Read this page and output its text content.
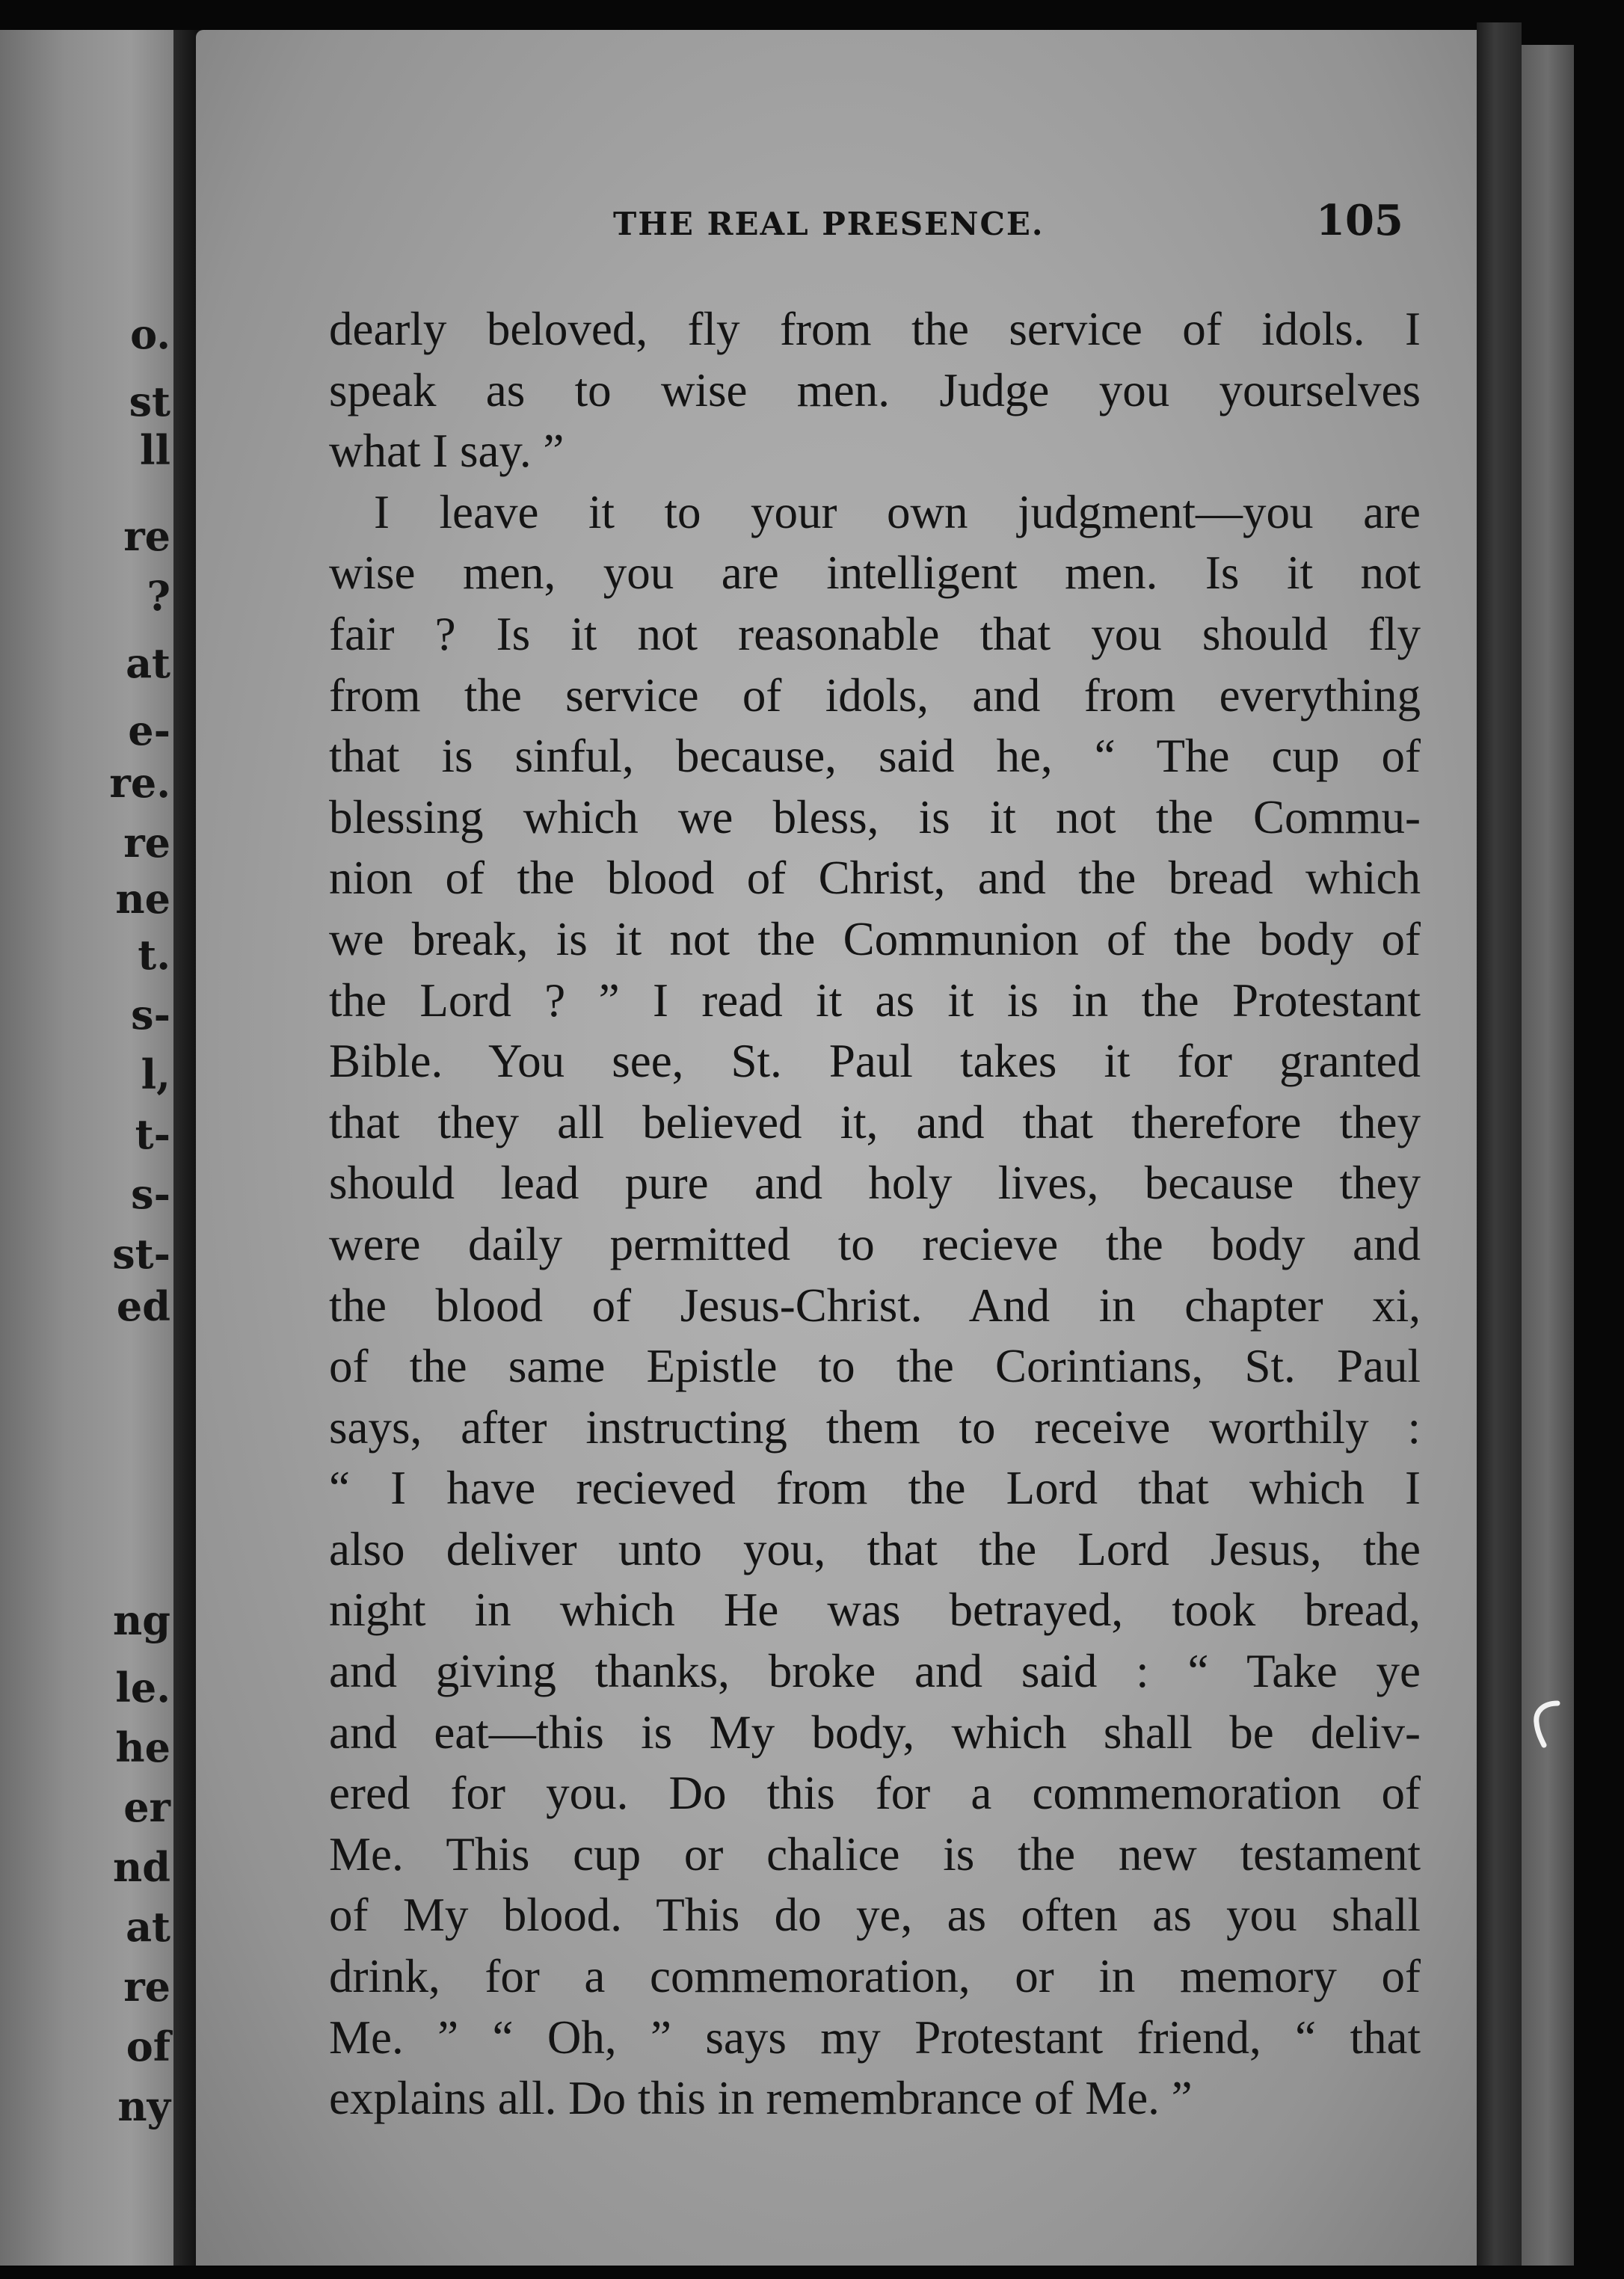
o.
st
ll
re
?
at
e-
re.
re
ne
t.
s-
l,
t-
s-
st-
ed
ng
le.
he
er
nd
at
re
of
ny
THE REAL PRESENCE.	105
dearly beloved, fly from the service of idols. I
speak as to wise men. Judge you yourselves
what I say. ”
I leave it to your own judgment—you are
wise men, you are intelligent men. Is it not
fair ? Is it not reasonable that you should fly
from the service of idols, and from everything
that is sinful, because, said he, “ The cup of
blessing which we bless, is it not the Commu-
nion of the blood of Christ, and the bread which
we break, is it not the Communion of the body of
the Lord ? ” I read it as it is in the Protestant
Bible. You see, St. Paul takes it for granted
that they all believed it, and that therefore they
should lead pure and holy lives, because they
were daily permitted to recieve the body and
the blood of Jesus-Christ. And in chapter xi,
of the same Epistle to the Corintians, St. Paul
says, after instructing them to receive worthily :
“ I have recieved from the Lord that which I
also deliver unto you, that the Lord Jesus, the
night in which He was betrayed, took bread,
and giving thanks, broke and said : “ Take ye
and eat—this is My body, which shall be deliv-
ered for you. Do this for a commemoration of
Me. This cup or chalice is the new testament
of My blood. This do ye, as often as you shall
drink, for a commemoration, or in memory of
Me. ” “ Oh, ” says my Protestant friend, “ that
explains all. Do this in remembrance of Me. ”
